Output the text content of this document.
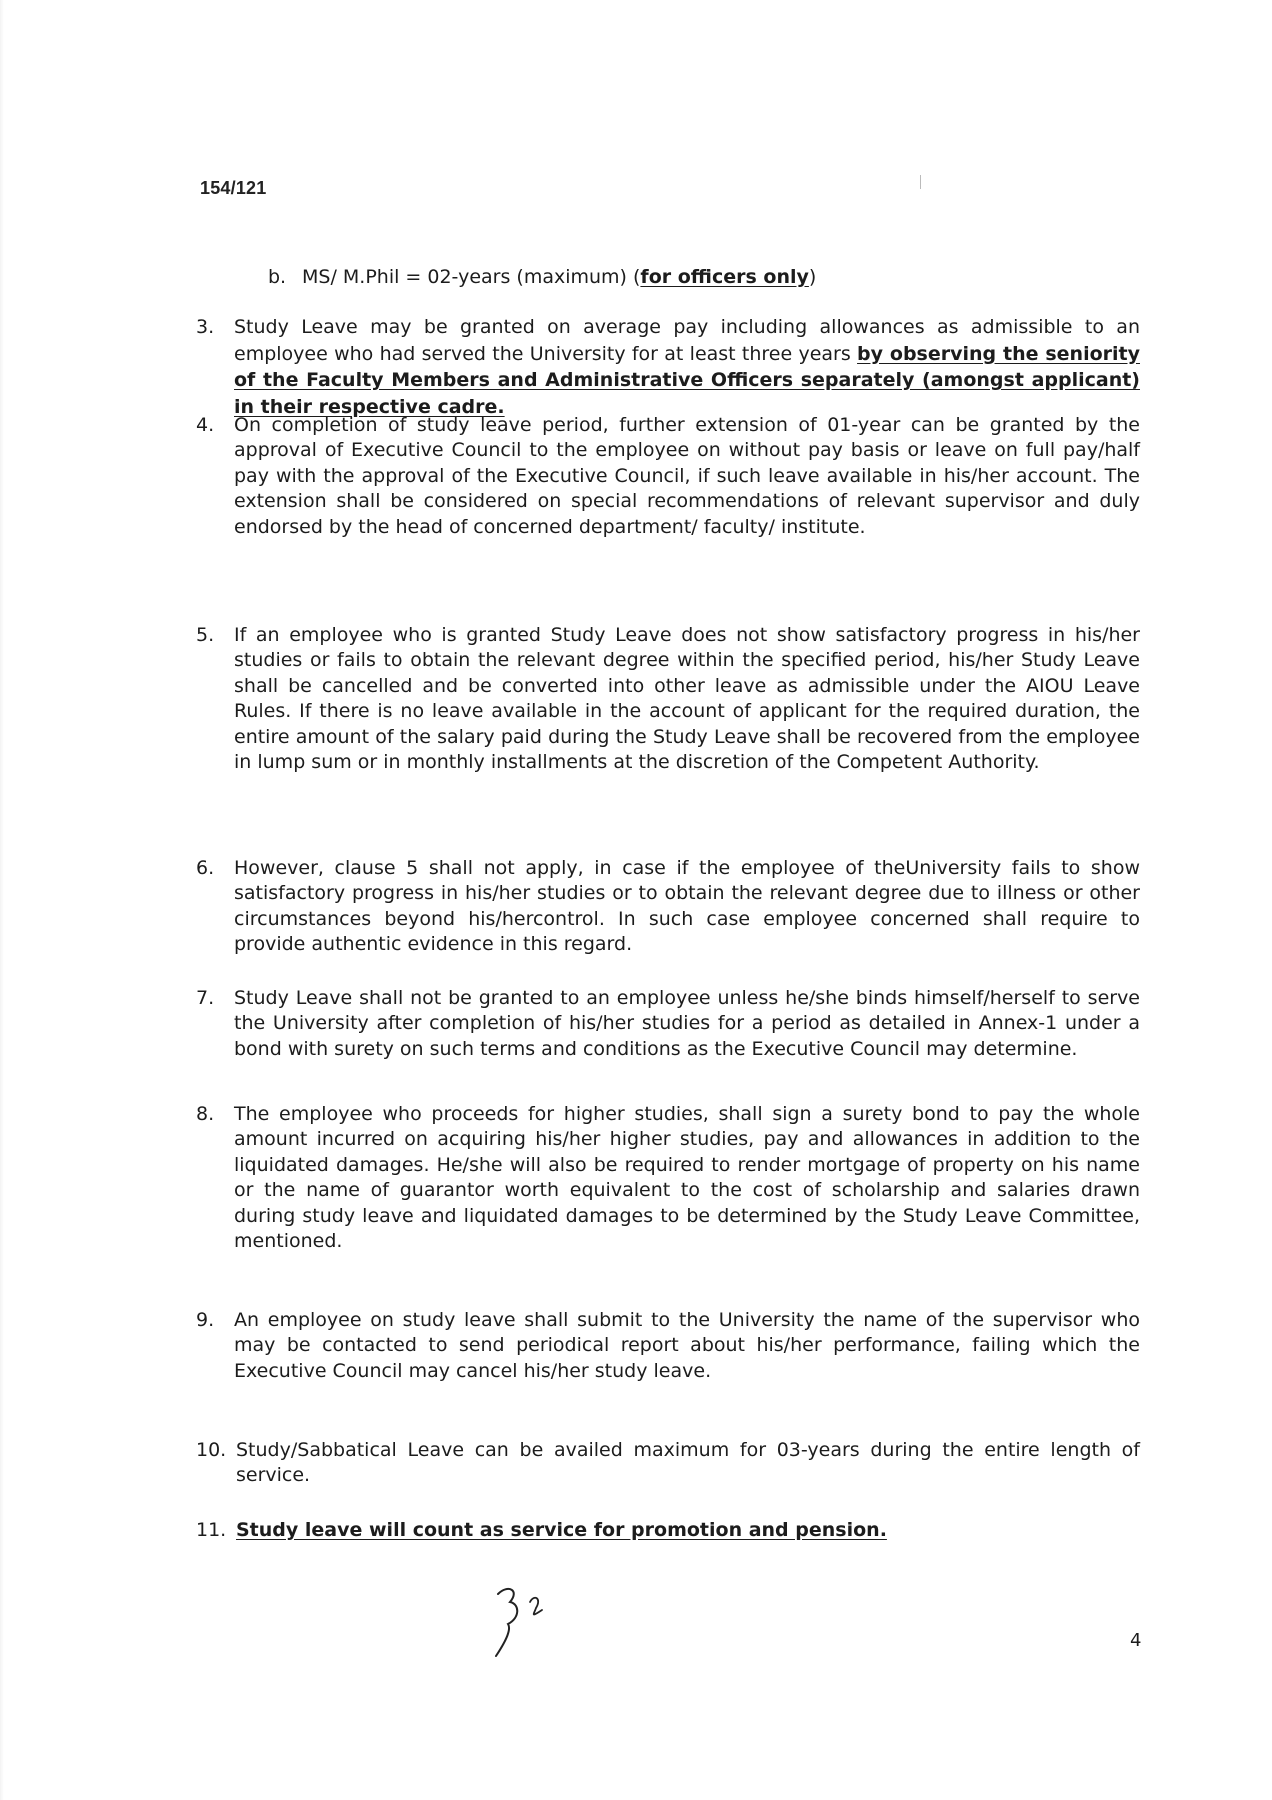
154/121
b. MS/ M.Phil = 02-years (maximum) (for officers only)
3. Study Leave may be granted on average pay including allowances as admissible to an employee who had served the University for at least three years by observing the seniority of the Faculty Members and Administrative Officers separately (amongst applicant) in their respective cadre.
4. On completion of study leave period, further extension of 01-year can be granted by the approval of Executive Council to the employee on without pay basis or leave on full pay/half pay with the approval of the Executive Council, if such leave available in his/her account. The extension shall be considered on special recommendations of relevant supervisor and duly endorsed by the head of concerned department/ faculty/ institute.
5. If an employee who is granted Study Leave does not show satisfactory progress in his/her studies or fails to obtain the relevant degree within the specified period, his/her Study Leave shall be cancelled and be converted into other leave as admissible under the AIOU Leave Rules. If there is no leave available in the account of applicant for the required duration, the entire amount of the salary paid during the Study Leave shall be recovered from the employee in lump sum or in monthly installments at the discretion of the Competent Authority.
6. However, clause 5 shall not apply, in case if the employee of theUniversity fails to show satisfactory progress in his/her studies or to obtain the relevant degree due to illness or other circumstances beyond his/hercontrol. In such case employee concerned shall require to provide authentic evidence in this regard.
7. Study Leave shall not be granted to an employee unless he/she binds himself/herself to serve the University after completion of his/her studies for a period as detailed in Annex-1 under a bond with surety on such terms and conditions as the Executive Council may determine.
8. The employee who proceeds for higher studies, shall sign a surety bond to pay the whole amount incurred on acquiring his/her higher studies, pay and allowances in addition to the liquidated damages. He/she will also be required to render mortgage of property on his name or the name of guarantor worth equivalent to the cost of scholarship and salaries drawn during study leave and liquidated damages to be determined by the Study Leave Committee, mentioned.
9. An employee on study leave shall submit to the University the name of the supervisor who may be contacted to send periodical report about his/her performance, failing which the Executive Council may cancel his/her study leave.
10. Study/Sabbatical Leave can be availed maximum for 03-years during the entire length of service.
11. Study leave will count as service for promotion and pension.
4
